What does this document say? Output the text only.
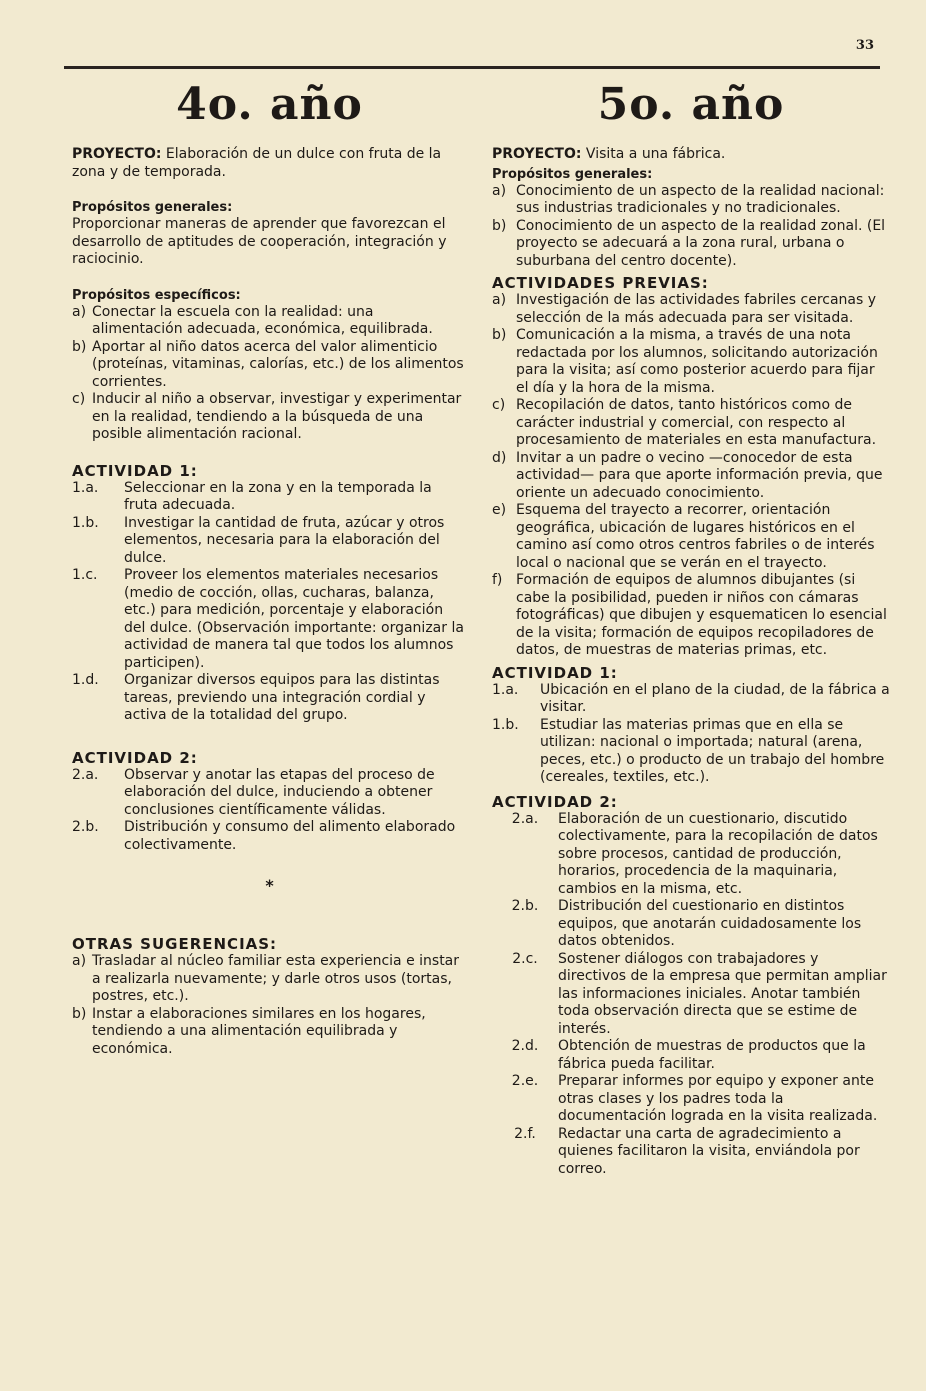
33
4o. año

PROYECTO: Elaboración de un dulce con fruta de la zona y de temporada.

Propósitos generales:

Proporcionar maneras de aprender que favorezcan el desarrollo de aptitudes de cooperación, integración y raciocinio.

Propósitos específicos:
a) Conectar la escuela con la realidad: una alimentación adecuada, económica, equilibrada.
b) Aportar al niño datos acerca del valor alimenticio (proteínas, vitaminas, calorías, etc.) de los alimentos corrientes.
c) Inducir al niño a observar, investigar y experimentar en la realidad, tendiendo a la búsqueda de una posible alimentación racional.
ACTIVIDAD 1:
1.a.	Seleccionar en la zona y en la temporada la fruta adecuada.
1.b.	Investigar la cantidad de fruta, azúcar y otros elementos, necesaria para la elaboración del dulce.
1.c.	Proveer los elementos materiales necesarios (medio de cocción, ollas, cucharas, balanza, etc.) para medición, porcentaje y elaboración del dulce. (Observación importante: organizar la actividad de manera tal que todos los alumnos participen).
1.d.	Organizar diversos equipos para las distintas tareas, previendo una integración cordial y activa de la totalidad del grupo.
ACTIVIDAD 2:
2.a.	Observar y anotar las etapas del proceso de elaboración del dulce, induciendo a obtener conclusiones científicamente válidas.
2.b.	Distribución y consumo del alimento elaborado colectivamente.
*
OTRAS SUGERENCIAS:
a) Trasladar al núcleo familiar esta experiencia e instar a realizarla nuevamente; y darle otros usos (tortas, postres, etc.).
b) Instar a elaboraciones similares en los hogares, tendiendo a una alimentación equilibrada y económica.
5o. año

PROYECTO: Visita a una fábrica.

Propósitos generales:
a) Conocimiento de un aspecto de la realidad nacional: sus industrias tradicionales y no tradicionales.
b) Conocimiento de un aspecto de la realidad zonal. (El proyecto se adecuará a la zona rural, urbana o suburbana del centro docente).
ACTIVIDADES PREVIAS:
a) Investigación de las actividades fabriles cercanas y selección de la más adecuada para ser visitada.
b) Comunicación a la misma, a través de una nota redactada por los alumnos, solicitando autorización para la visita; así como posterior acuerdo para fijar el día y la hora de la misma.
c) Recopilación de datos, tanto históricos como de carácter industrial y comercial, con respecto al procesamiento de materiales en esta manufactura.
d) Invitar a un padre o vecino —conocedor de esta actividad— para que aporte información previa, que oriente un adecuado conocimiento.
e) Esquema del trayecto a recorrer, orientación geográfica, ubicación de lugares históricos en el camino así como otros centros fabriles o de interés local o nacional que se verán en el trayecto.
f) Formación de equipos de alumnos dibujantes (si cabe la posibilidad, pueden ir niños con cámaras fotográficas) que dibujen y esquematicen lo esencial de la visita; formación de equipos recopiladores de datos, de muestras de materias primas, etc.
ACTIVIDAD 1:
1.a.	Ubicación en el plano de la ciudad, de la fábrica a visitar.
1.b.	Estudiar las materias primas que en ella se utilizan: nacional o importada; natural (arena, peces, etc.) o producto de un trabajo del hombre (cereales, textiles, etc.).
ACTIVIDAD 2:
2.a.	Elaboración de un cuestionario, discutido colectivamente, para la recopilación de datos sobre procesos, cantidad de producción, horarios, procedencia de la maquinaria, cambios en la misma, etc.
2.b.	Distribución del cuestionario en distintos equipos, que anotarán cuidadosamente los datos obtenidos.
2.c.	Sostener diálogos con trabajadores y directivos de la empresa que permitan ampliar las informaciones iniciales. Anotar también toda observación directa que se estime de interés.
2.d.	Obtención de muestras de productos que la fábrica pueda facilitar.
2.e.	Preparar informes por equipo y exponer ante otras clases y los padres toda la documentación lograda en la visita realizada.
2.f.	Redactar una carta de agradecimiento a quienes facilitaron la visita, enviándola por correo.
